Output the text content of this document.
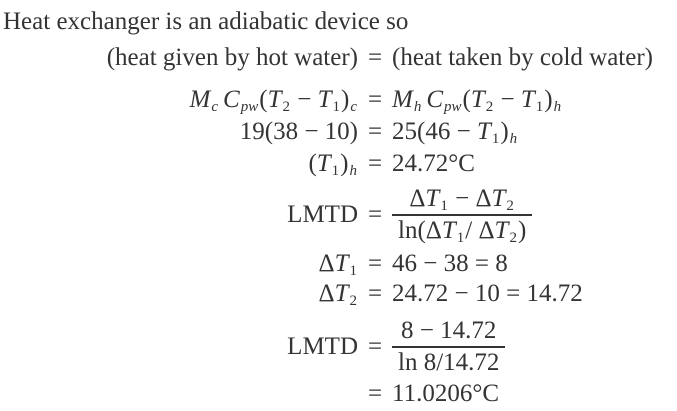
Heat exchanger is an adiabatic device so

(heat given by hot water) = (heat taken by cold water)
$M_c$ $C_{pw}(T_2 - T_1)_c = M_h$ $C_{pw}(T_2 - T_1)_h$
$19(38 - 10) = 25(46 - T_1)_h$
$(T_1)_h = 24.72^\circ C$
LMTD = $\frac{\Delta T_1 - \Delta T_2}{\ln(\Delta T_1/ \Delta T_2)}$
$\Delta T_1 = 46 - 38 = 8$
$\Delta T_2 = 24.72 - 10 = 14.72$
LMTD = $\frac{8 - 14.72}{\ln 8/14.72}$
= 11.0206°C
